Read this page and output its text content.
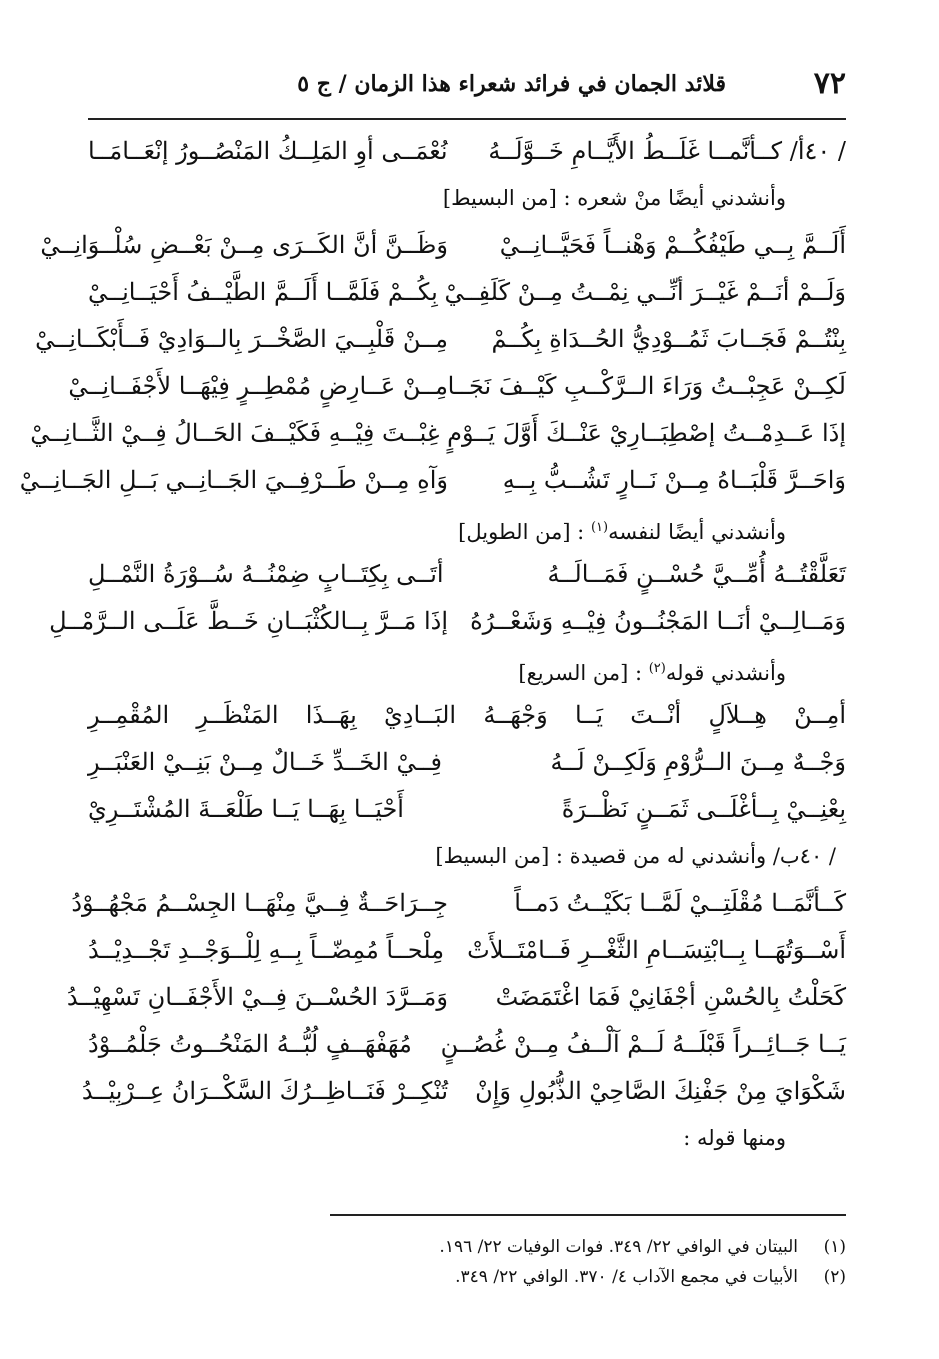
٧٢
قلائد الجمان في فرائد شعراء هذا الزمان / ج ٥
/ ٤٠أ/ كــأنَّمــا غَلَــطُ الأَيَّــامِ خَــوَّلَــهُ
نُعْمَــى أوِ المَلِــكُ المَنْصُــورُ إنْعَــامَــا
وأنشدني أيضًا منْ شعره : [من البسيط]
أَلَــمَّ بِــي طَيْفُكُــمْ وَهْنــاً فَحَيَّــانِــيْ
وَظَــنَّ أنَّ الكَــرَى مِــنْ بَعْــضِ سُلْــوَانِــيْ
وَلَــمْ أنَــمْ غَيْــرَ أنِّــي نِمْــتُ مِــنْ كَلَفِــيْ
بِكُــمْ فَلَمَّــا أَلَــمَّ الطَّيْــفُ أَحْيَــانِــيْ
بِنْتُــمْ فَجَــابَ ثَمُــوْدِيُّ الحُــدَاةِ بِكُــمْ
مِــنْ قَلْبِــيَ الصَّخْــرَ بِالــوَادِيْ فَــأَبْكَــانِــيْ
لَكِــنْ عَجِبْــتُ وَرَاءَ الــرَّكْــبِ كَيْــفَ نَجَــا
مِــنْ عَــارِضٍ مُمْطِــرٍ فِيْهَــا لأَجْفَــانِــيْ
إذَا عَــدِمْــتُ إصْطِبَــارِيْ عَنْــكَ أَوَّلَ يَــوْمٍ غِبْــتَ فِيْــهِ فَكَيْــفَ الحَــالُ فِــيْ الثَّــانِــيْ
وَاحَــرَّ قَلْبَــاهُ مِــنْ نَــارٍ تَشُــبُّ بِــهِ
وَآهِ مِــنْ طَــرْفِــيَ الجَــانِــي بَــلِ الجَــانِــيْ
وأنشدني أيضًا لنفسه$^{(١)}$ : [من الطويل]
تَعَلَّقْتُــهُ أُمِّــيَّ حُسْــنٍ فَمَــالَــهُ
أتَــى بِكِتَــابٍ ضِمْنُــهُ سُــوْرَةُ النَّمْــلِ
وَمَــالِــيْ أنَــا المَجْنُــونُ فِيْــهِ وَشَعْــرُهُ
إذَا مَــرَّ بِــالكُثْبَــانِ خَــطَّ عَلَــى الــرَّمْــلِ
وأنشدني قوله$^{(٢)}$ : [من السريع]
أمِــنْ هِــلاَلٍ أنْــتَ يَــا وَجْهَــهُ البَــادِيْ بِهَــذَا المَنْظَــرِ المُقْمِــرِ
وَجْــهٌ مِــنَ الــرُّوْمِ وَلَكِــنْ لَــهُ
فِــيْ الخَــدِّ خَــالٌ مِــنْ بَنِــيْ العَنْبَــرِ
بِعْنِــيْ بِــأغْلَــى ثَمَــنٍ نَظْــرَةً
أَحْيَــا بِهَــا يَــا طَلْعَــةَ المُشْتَــرِيْ
/ ٤٠ب/ وأنشدني له من قصيدة : [من البسيط]
كَــأنَّمَــا مُقْلَتِــيْ لَمَّــا بَكَيْــتُ دَمــاً
جِــرَاحَــةٌ فِــيَّ مِنْهَــا الجِسْــمُ مَجْهُــوْدُ
أَسْــوَتُهَــا بِــابْتِسَــامِ الثَّغْــرِ فَــامْتَــلأَتْ
مِلْحــاً مُمِضّــاً بِــهِ لِلْــوَجْــدِ تَجْــدِيْــدُ
كَحَلْتُ بِالحُسْنِ أجْفَانِيْ فَمَا اغْتَمَضَتْ
وَمَــرَّدَ الحُسْــنَ فِــيْ الأَجْفَــانِ تَسْهِيْــدُ
يَــا جَــائِــراً قَبْلَــهُ لَــمْ آلْــفُ مِــنْ غُصُــنٍ
مُهَفْهَــفٍ لُبُّــهُ المَنْحُــوتُ جَلْمُــوْدُ
شَكْوَايَ مِنْ جَفْنِكَ الصَّاحِيْ الذُّبُولِ وَإِنْ
تُنْكِــرْ فَنَــاظِــرُكَ السَّكْــرَانُ عِــرْبِيْــدُ
ومنها قوله :
(١)
البيتان في الوافي ٢٢/ ٣٤٩. فوات الوفيات ٢٢/ ١٩٦.
(٢)
الأبيات في مجمع الآداب ٤/ ٣٧٠. الوافي ٢٢/ ٣٤٩.
